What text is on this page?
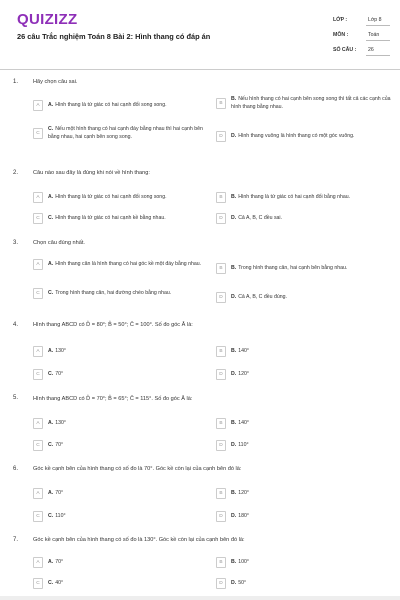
QUIZIZZ
26 câu Trắc nghiệm Toán 8 Bài 2: Hình thang có đáp án
LỚP :	Lớp 8
MÔN :	Toán
SỐ CÂU : 26
1.	Hãy chọn câu sai.
A	A. Hình thang là tứ giác có hai cạnh đối song song.	B
B. Nếu hình thang có hai cạnh bên song song thì tất cả các cạnh của hình thang bằng nhau.
C
C. Nếu một hình thang có hai cạnh đáy bằng nhau thì hai cạnh bên bằng nhau, hai cạnh bên song song.	D	D. Hình thang vuông là hình thang có một góc vuông.
2.	Câu nào sau đây là đúng khi nói về hình thang:
A	A. Hình thang là tứ giác có hai cạnh đối song song.	B	B. Hình thang là tứ giác có hai cạnh đối bằng nhau.
C	C. Hình thang là tứ giác có hai cạnh kề bằng nhau.	D	D. Cả A, B, C đều sai.
3.	Chọn câu đúng nhất.
A	A. Hình thang cân là hình thang có hai góc kề một đáy bằng nhau.
B	B. Trong hình thang cân, hai cạnh bên bằng nhau.
C	C. Trong hình thang cân, hai đường chéo bằng nhau.
D	D. Cả A, B, C đều đúng.
4.	Hình thang ABCD có D̂ = 80°; B̂ = 50°; Ĉ = 100°. Số đo góc Â là:
A	A. 130°	B	B. 140°
C	C. 70°	D	D. 120°
5.	Hình thang ABCD có D̂ = 70°; B̂ = 65°; Ĉ = 115°. Số đo góc Â là:
A	A. 130°	B	B. 140°
C	C. 70°	D	D. 110°
6.	Góc kề cạnh bên của hình thang có số đo là 70°. Góc kề còn lại của cạnh bên đó là:
A	A. 70°	B	B. 120°
C	C. 110°	D	D. 180°
7.	Góc kề cạnh bên của hình thang có số đo là 130°. Góc kề còn lại của cạnh bên đó là:
A	A. 70°	B	B. 100°
C	C. 40°	D	D. 50°
